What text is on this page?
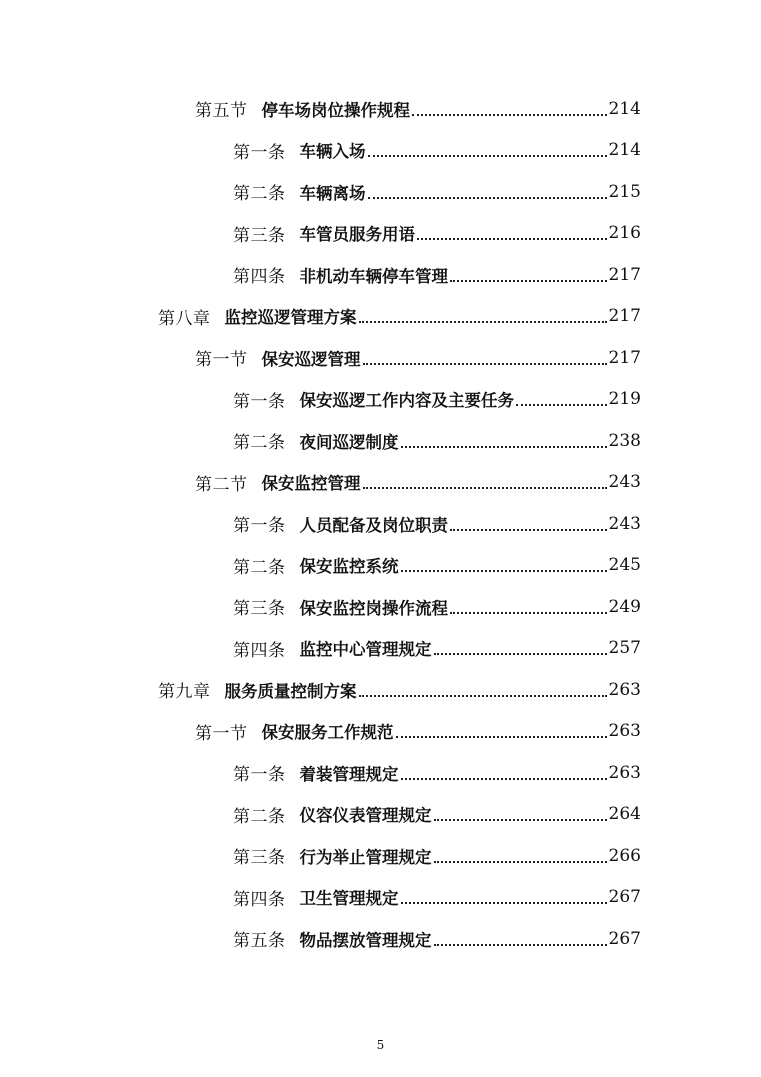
第五节 停车场岗位操作规程	214
第一条 车辆入场	214
第二条 车辆离场	215
第三条 车管员服务用语	216
第四条 非机动车辆停车管理	217
第八章 监控巡逻管理方案	217
第一节 保安巡逻管理	217
第一条 保安巡逻工作内容及主要任务	219
第二条 夜间巡逻制度	238
第二节 保安监控管理	243
第一条 人员配备及岗位职责	243
第二条 保安监控系统	245
第三条 保安监控岗操作流程	249
第四条 监控中心管理规定	257
第九章 服务质量控制方案	263
第一节 保安服务工作规范	263
第一条 着装管理规定	263
第二条 仪容仪表管理规定	264
第三条 行为举止管理规定	266
第四条 卫生管理规定	267
第五条 物品摆放管理规定	267
5
